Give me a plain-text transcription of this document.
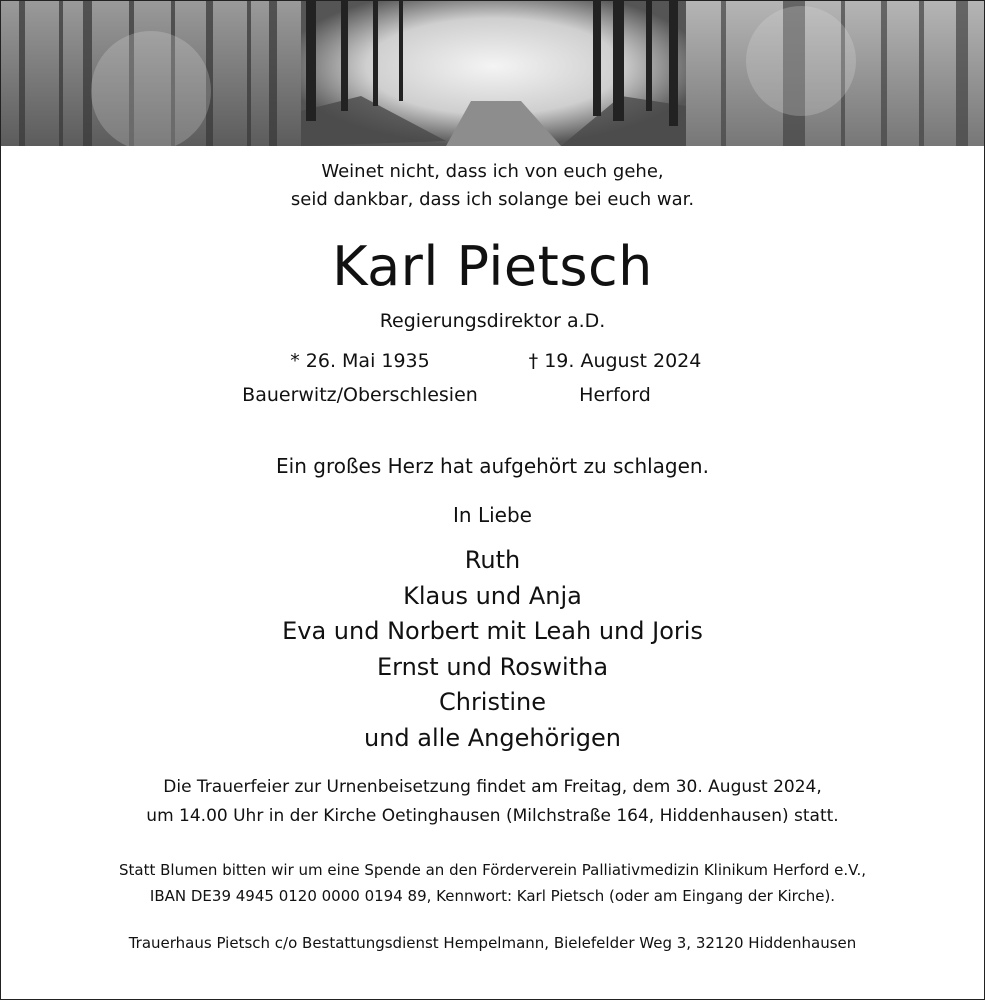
Weinet nicht, dass ich von euch gehe,
seid dankbar, dass ich solange bei euch war.
Karl Pietsch
Regierungsdirektor a.D.
* 26. Mai 1935
Bauerwitz/Oberschlesien
† 19. August 2024
Herford
Ein großes Herz hat aufgehört zu schlagen.
In Liebe
Ruth
Klaus und Anja
Eva und Norbert mit Leah und Joris
Ernst und Roswitha
Christine
und alle Angehörigen
Die Trauerfeier zur Urnenbeisetzung findet am Freitag, dem 30. August 2024,
um 14.00 Uhr in der Kirche Oetinghausen (Milchstraße 164, Hiddenhausen) statt.
Statt Blumen bitten wir um eine Spende an den Förderverein Palliativmedizin Klinikum Herford e.V.,
IBAN DE39 4945 0120 0000 0194 89, Kennwort: Karl Pietsch (oder am Eingang der Kirche).
Trauerhaus Pietsch c/o Bestattungsdienst Hempelmann, Bielefelder Weg 3, 32120 Hiddenhausen
